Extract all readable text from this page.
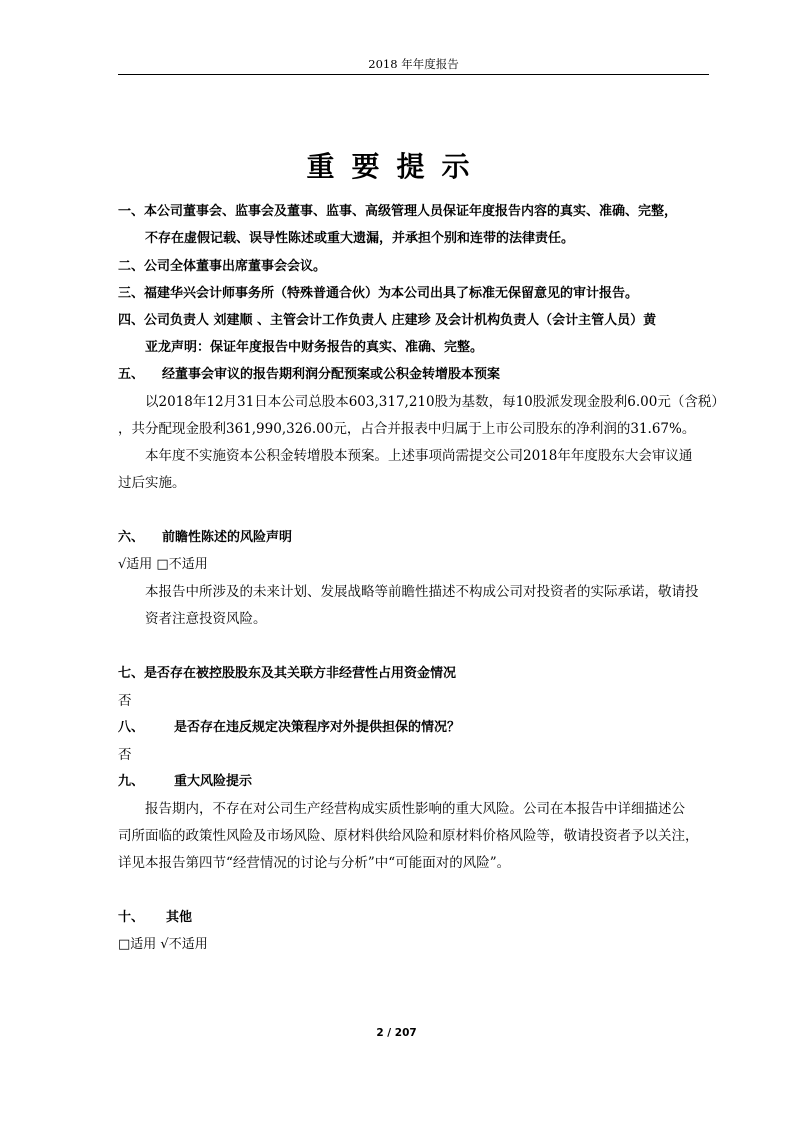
2018 年年度报告
重要提示
一、本公司董事会、监事会及董事、监事、高级管理人员保证年度报告内容的真实、准确、完整，
不存在虚假记载、误导性陈述或重大遗漏，并承担个别和连带的法律责任。
二、公司全体董事出席董事会会议。
三、福建华兴会计师事务所（特殊普通合伙）为本公司出具了标准无保留意见的审计报告。
四、公司负责人 刘建顺 、主管会计工作负责人 庄建珍 及会计机构负责人（会计主管人员）黄
亚龙声明：保证年度报告中财务报告的真实、准确、完整。
五、 经董事会审议的报告期利润分配预案或公积金转增股本预案
以2018年12月31日本公司总股本603,317,210股为基数，每10股派发现金股利6.00元（含税）
，共分配现金股利361,990,326.00元，占合并报表中归属于上市公司股东的净利润的31.67%。
本年度不实施资本公积金转增股本预案。上述事项尚需提交公司2018年年度股东大会审议通
过后实施。
六、 前瞻性陈述的风险声明
√适用 □不适用
本报告中所涉及的未来计划、发展战略等前瞻性描述不构成公司对投资者的实际承诺，敬请投
资者注意投资风险。
七、是否存在被控股股东及其关联方非经营性占用资金情况
否
八、 是否存在违反规定决策程序对外提供担保的情况？
否
九、 重大风险提示
报告期内，不存在对公司生产经营构成实质性影响的重大风险。公司在本报告中详细描述公
司所面临的政策性风险及市场风险、原材料供给风险和原材料价格风险等，敬请投资者予以关注，
详见本报告第四节“经营情况的讨论与分析”中“可能面对的风险”。
十、 其他
□适用 √不适用
2 / 207
